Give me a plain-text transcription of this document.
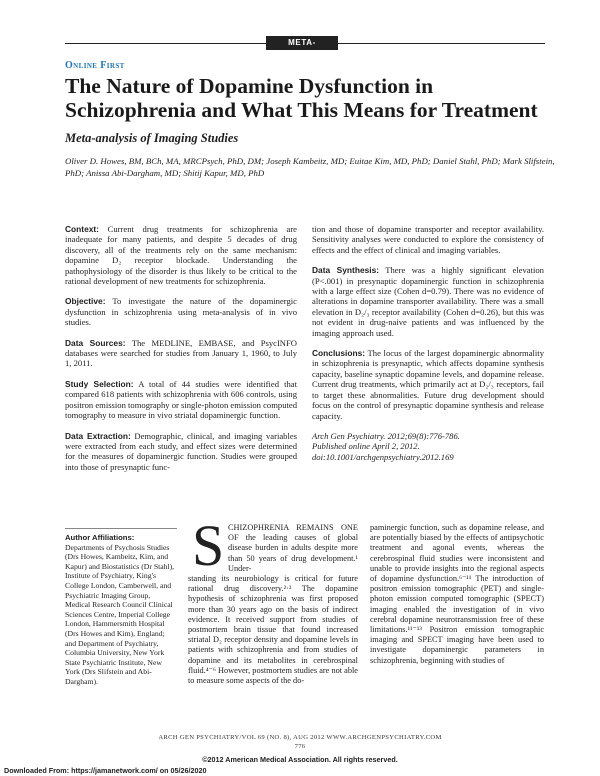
META-ANALYSIS
Online First
The Nature of Dopamine Dysfunction in Schizophrenia and What This Means for Treatment
Meta-analysis of Imaging Studies
Oliver D. Howes, BM, BCh, MA, MRCPsych, PhD, DM; Joseph Kambeitz, MD; Euitae Kim, MD, PhD; Daniel Stahl, PhD; Mark Slifstein, PhD; Anissa Abi-Dargham, MD; Shitij Kapur, MD, PhD

Context: Current drug treatments for schizophrenia are inadequate for many patients, and despite 5 decades of drug discovery, all of the treatments rely on the same mechanism: dopamine D₂ receptor blockade. Understanding the pathophysiology of the disorder is thus likely to be critical to the rational development of new treatments for schizophrenia.

Objective: To investigate the nature of the dopaminergic dysfunction in schizophrenia using meta-analysis of in vivo studies.

Data Sources: The MEDLINE, EMBASE, and PsycINFO databases were searched for studies from January 1, 1960, to July 1, 2011.

Study Selection: A total of 44 studies were identified that compared 618 patients with schizophrenia with 606 controls, using positron emission tomography or single-photon emission computed tomography to measure in vivo striatal dopaminergic function.

Data Extraction: Demographic, clinical, and imaging variables were extracted from each study, and effect sizes were determined for the measures of dopaminergic function. Studies were grouped into those of presynaptic func-

tion and those of dopamine transporter and receptor availability. Sensitivity analyses were conducted to explore the consistency of effects and the effect of clinical and imaging variables.

Data Synthesis: There was a highly significant elevation (P<.001) in presynaptic dopaminergic function in schizophrenia with a large effect size (Cohen d=0.79). There was no evidence of alterations in dopamine transporter availability. There was a small elevation in D₂/₃ receptor availability (Cohen d=0.26), but this was not evident in drug-naive patients and was influenced by the imaging approach used.

Conclusions: The locus of the largest dopaminergic abnormality in schizophrenia is presynaptic, which affects dopamine synthesis capacity, baseline synaptic dopamine levels, and dopamine release. Current drug treatments, which primarily act at D₂/₃ receptors, fail to target these abnormalities. Future drug development should focus on the control of presynaptic dopamine synthesis and release capacity.

Arch Gen Psychiatry. 2012;69(8):776-786.
Published online April 2, 2012.
doi:10.1001/archgenpsychiatry.2012.169
Author Affiliations:
Departments of Psychosis Studies (Drs Howes, Kambeitz, Kim, and Kapur) and Biostatistics (Dr Stahl), Institute of Psychiatry, King's College London, Camberwell, and Psychiatric Imaging Group, Medical Research Council Clinical Sciences Centre, Imperial College London, Hammersmith Hospital (Drs Howes and Kim), England; and Department of Psychiatry, Columbia University, New York State Psychiatric Institute, New York (Drs Slifstein and Abi-Dargham).
S CHIZOPHRENIA REMAINS ONE OF the leading causes of global disease burden in adults despite more than 50 years of drug development.¹ Under-
standing its neurobiology is critical for future rational drug discovery.²·³ The dopamine hypothesis of schizophrenia was first proposed more than 30 years ago on the basis of indirect evidence. It received support from studies of postmortem brain tissue that found increased striatal D₂ receptor density and dopamine levels in patients with schizophrenia and from studies of dopamine and its metabolites in cerebrospinal fluid.⁴⁻⁶ However, postmortem studies are not able to measure some aspects of the do-
paminergic function, such as dopamine release, and are potentially biased by the effects of antipsychotic treatment and agonal events, whereas the cerebrospinal fluid studies were inconsistent and unable to provide insights into the regional aspects of dopamine dysfunction.⁶⁻¹¹ The introduction of positron emission tomographic (PET) and single-photon emission computed tomographic (SPECT) imaging enabled the investigation of in vivo cerebral dopamine neurotransmission free of these limitations.¹¹⁻¹³ Positron emission tomographic imaging and SPECT imaging have been used to investigate dopaminergic parameters in schizophrenia, beginning with studies of
ARCH GEN PSYCHIATRY/VOL 69 (NO. 8), AUG 2012 WWW.ARCHGENPSYCHIATRY.COM
776
©2012 American Medical Association. All rights reserved.
Downloaded From: https://jamanetwork.com/ on 05/26/2020
